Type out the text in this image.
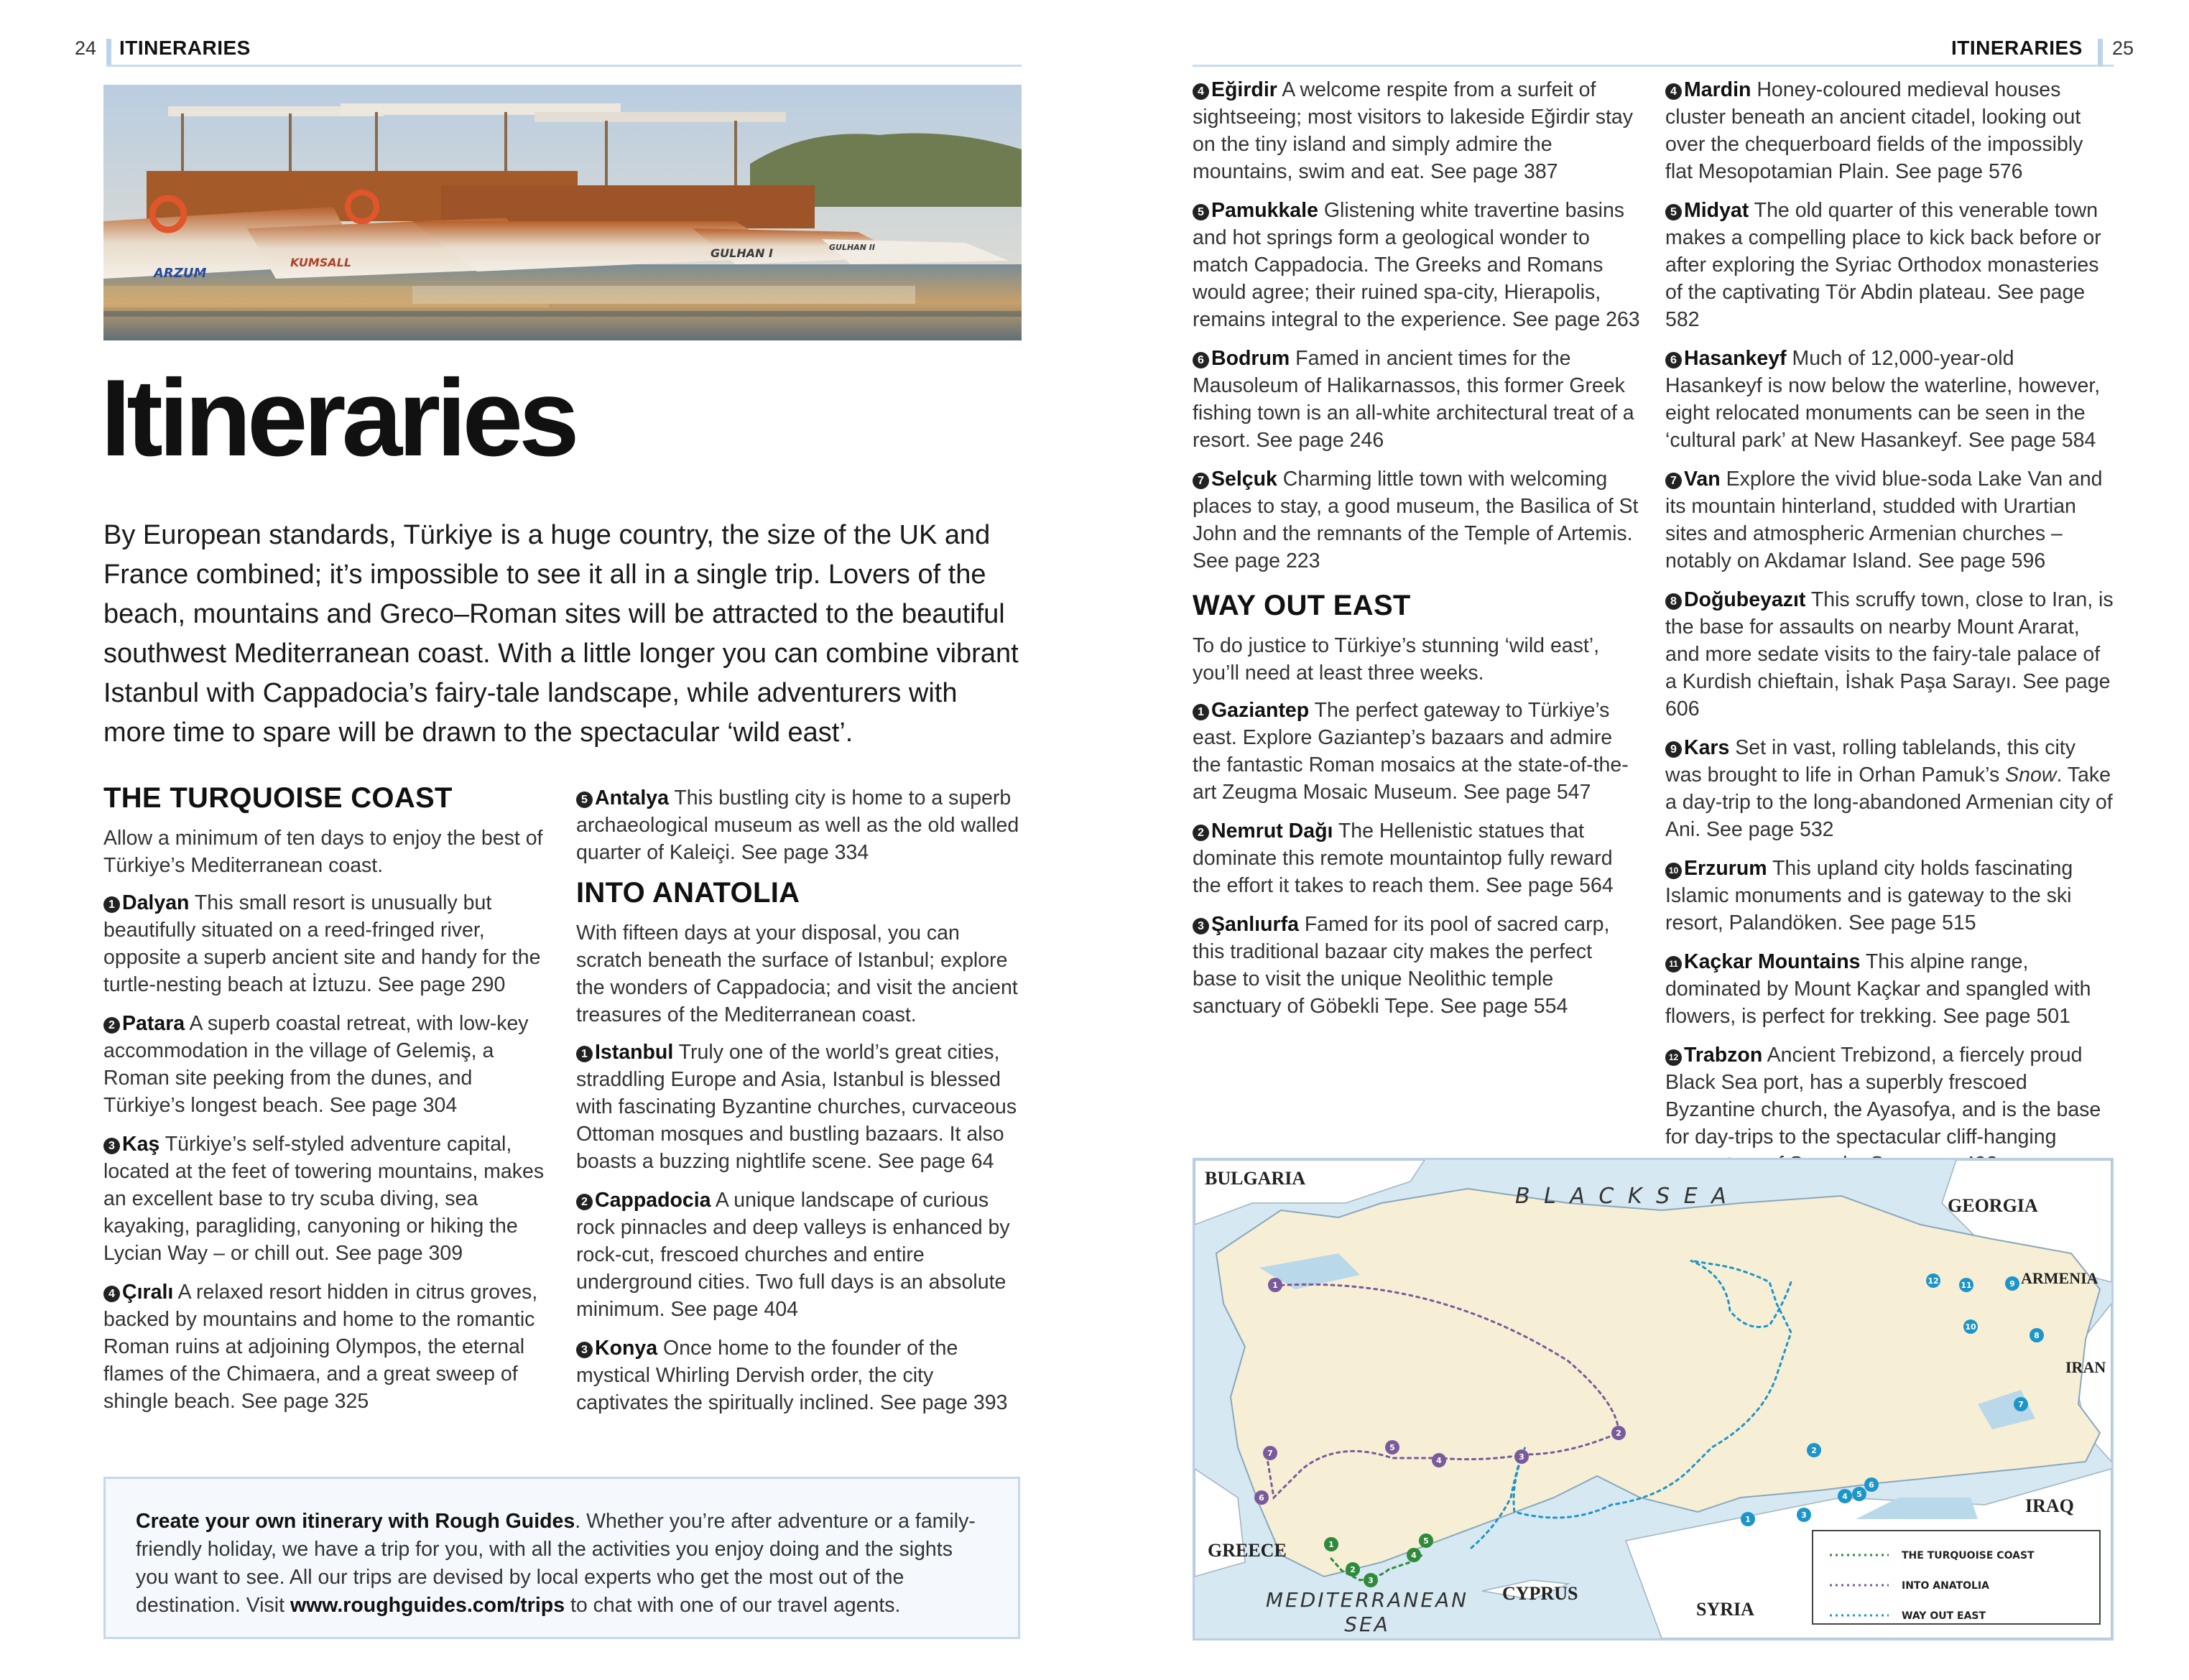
24 ITINERARIES
ARZUM
KUMSALL
GULHAN I	GULHAN II
Itineraries
By European standards, Türkiye is a huge country, the size of the UK and France combined; it’s impossible to see it all in a single trip. Lovers of the beach, mountains and Greco–Roman sites will be attracted to the beautiful southwest Mediterranean coast. With a little longer you can combine vibrant Istanbul with Cappadocia’s fairy-tale landscape, while adventurers with more time to spare will be drawn to the spectacular ‘wild east’.
THE TURQUOISE COAST

Allow a minimum of ten days to enjoy the best of Türkiye’s Mediterranean coast.

1 Dalyan This small resort is unusually but beautifully situated on a reed-fringed river, opposite a superb ancient site and handy for the turtle-nesting beach at İztuzu. See page 290

2 Patara A superb coastal retreat, with low-key accommodation in the village of Gelemiş, a Roman site peeking from the dunes, and Türkiye’s longest beach. See page 304

3 Kaş Türkiye’s self-styled adventure capital, located at the feet of towering mountains, makes an excellent base to try scuba diving, sea kayaking, paragliding, canyoning or hiking the Lycian Way – or chill out. See page 309

4 Çıralı A relaxed resort hidden in citrus groves, backed by mountains and home to the romantic Roman ruins at adjoining Olympos, the eternal flames of the Chimaera, and a great sweep of shingle beach. See page 325

5 Antalya This bustling city is home to a superb archaeological museum as well as the old walled quarter of Kaleiçi. See page 334

INTO ANATOLIA

With fifteen days at your disposal, you can scratch beneath the surface of Istanbul; explore the wonders of Cappadocia; and visit the ancient treasures of the Mediterranean coast.

1 Istanbul Truly one of the world’s great cities, straddling Europe and Asia, Istanbul is blessed with fascinating Byzantine churches, curvaceous Ottoman mosques and bustling bazaars. It also boasts a buzzing nightlife scene. See page 64

2 Cappadocia A unique landscape of curious rock pinnacles and deep valleys is enhanced by rock-cut, frescoed churches and entire underground cities. Two full days is an absolute minimum. See page 404

3 Konya Once home to the founder of the mystical Whirling Dervish order, the city captivates the spiritually inclined. See page 393

Create your own itinerary with Rough Guides. Whether you’re after adventure or a family-friendly holiday, we have a trip for you, with all the activities you enjoy doing and the sights you want to see. All our trips are devised by local experts who get the most out of the destination. Visit www.roughguides.com/trips to chat with one of our travel agents.
ITINERARIES 25

4 Eğirdir A welcome respite from a surfeit of sightseeing; most visitors to lakeside Eğirdir stay on the tiny island and simply admire the mountains, swim and eat. See page 387

5 Pamukkale Glistening white travertine basins and hot springs form a geological wonder to match Cappadocia. The Greeks and Romans would agree; their ruined spa-city, Hierapolis, remains integral to the experience. See page 263

6 Bodrum Famed in ancient times for the Mausoleum of Halikarnassos, this former Greek fishing town is an all-white architectural treat of a resort. See page 246

7 Selçuk Charming little town with welcoming places to stay, a good museum, the Basilica of St John and the remnants of the Temple of Artemis. See page 223

WAY OUT EAST

To do justice to Türkiye’s stunning ‘wild east’, you’ll need at least three weeks.

1 Gaziantep The perfect gateway to Türkiye’s east. Explore Gaziantep’s bazaars and admire the fantastic Roman mosaics at the state-of-the-art Zeugma Mosaic Museum. See page 547

2 Nemrut Dağı The Hellenistic statues that dominate this remote mountaintop fully reward the effort it takes to reach them. See page 564

3 Şanlıurfa Famed for its pool of sacred carp, this traditional bazaar city makes the perfect base to visit the unique Neolithic temple sanctuary of Göbekli Tepe. See page 554

4 Mardin Honey-coloured medieval houses cluster beneath an ancient citadel, looking out over the chequerboard fields of the impossibly flat Mesopotamian Plain. See page 576

5 Midyat The old quarter of this venerable town makes a compelling place to kick back before or after exploring the Syriac Orthodox monasteries of the captivating Tör Abdin plateau. See page 582

6 Hasankeyf Much of 12,000-year-old Hasankeyf is now below the waterline, however, eight relocated monuments can be seen in the ‘cultural park’ at New Hasankeyf. See page 584

7 Van Explore the vivid blue-soda Lake Van and its mountain hinterland, studded with Urartian sites and atmospheric Armenian churches – notably on Akdamar Island. See page 596

8 Doğubeyazıt This scruffy town, close to Iran, is the base for assaults on nearby Mount Ararat, and more sedate visits to the fairy-tale palace of a Kurdish chieftain, İshak Paşa Sarayı. See page 606

9 Kars Set in vast, rolling tablelands, this city was brought to life in Orhan Pamuk’s Snow. Take a day-trip to the long-abandoned Armenian city of Ani. See page 532

10 Erzurum This upland city holds fascinating Islamic monuments and is gateway to the ski resort, Palandöken. See page 515

11 Kaçkar Mountains This alpine range, dominated by Mount Kaçkar and spangled with flowers, is perfect for trekking. See page 501

12 Trabzon Ancient Trebizond, a fiercely proud Black Sea port, has a superbly frescoed Byzantine church, the Ayasofya, and is the base for day-trips to the spectacular cliff-hanging

1
2
3
4
5
6
7
1
2
3
4
5
1
2
3
4 5
6
7
8
9
10
11
12
BULGARIA
GEORGIA
ARMENIA
IRAN
IRAQ
SYRIA
CYPRUS
GREECE
B L A C K S E A
MEDITERRANEAN
SEA
THE TURQUOISE COAST
INTO ANATOLIA
WAY OUT EAST
